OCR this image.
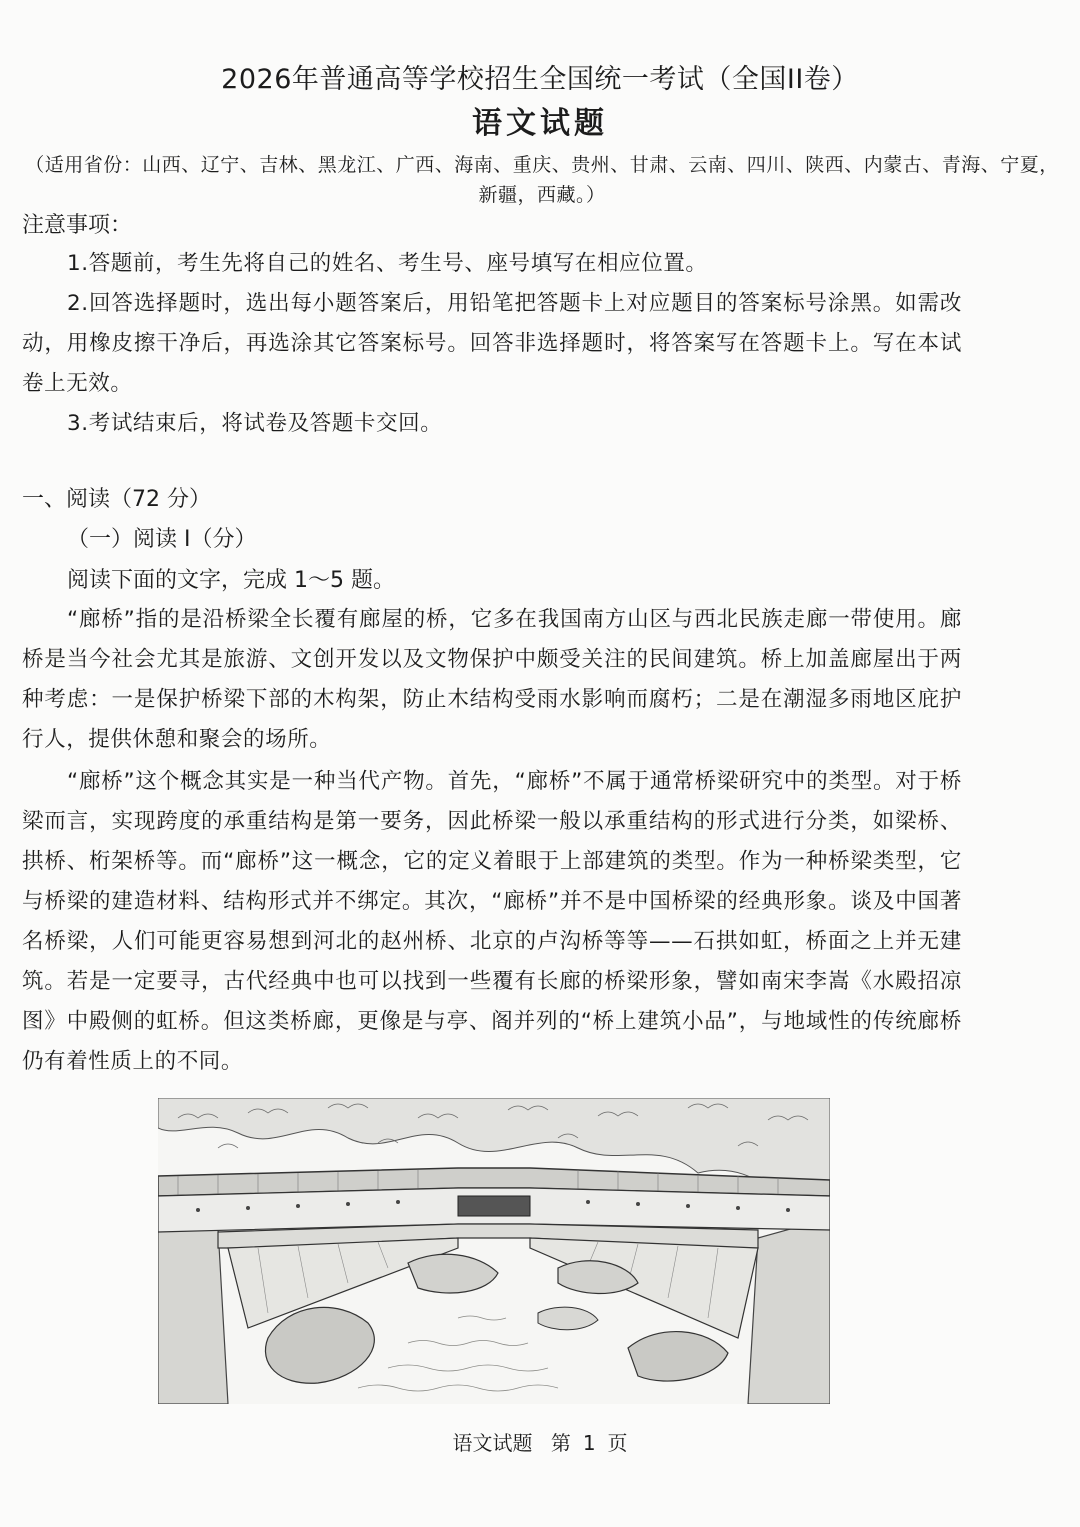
2026年普通高等学校招生全国统一考试（全国II卷）
语文试题
（适用省份：山西、辽宁、吉林、黑龙江、广西、海南、重庆、贵州、甘肃、云南、四川、陕西、内蒙古、青海、宁夏，新疆，西藏。）
注意事项：
1.答题前，考生先将自己的姓名、考生号、座号填写在相应位置。
2.回答选择题时，选出每小题答案后，用铅笔把答题卡上对应题目的答案标号涂黑。如需改动，用橡皮擦干净后，再选涂其它答案标号。回答非选择题时，将答案写在答题卡上。写在本试卷上无效。
3.考试结束后，将试卷及答题卡交回。
一、阅读（72 分）
（一）阅读 I（分）
阅读下面的文字，完成 1～5 题。
“廊桥”指的是沿桥梁全长覆有廊屋的桥，它多在我国南方山区与西北民族走廊一带使用。廊桥是当今社会尤其是旅游、文创开发以及文物保护中颇受关注的民间建筑。桥上加盖廊屋出于两种考虑：一是保护桥梁下部的木构架，防止木结构受雨水影响而腐朽；二是在潮湿多雨地区庇护行人，提供休憩和聚会的场所。
“廊桥”这个概念其实是一种当代产物。首先，“廊桥”不属于通常桥梁研究中的类型。对于桥梁而言，实现跨度的承重结构是第一要务，因此桥梁一般以承重结构的形式进行分类，如梁桥、拱桥、桁架桥等。而“廊桥”这一概念，它的定义着眼于上部建筑的类型。作为一种桥梁类型，它与桥梁的建造材料、结构形式并不绑定。其次，“廊桥”并不是中国桥梁的经典形象。谈及中国著名桥梁，人们可能更容易想到河北的赵州桥、北京的卢沟桥等等——石拱如虹，桥面之上并无建筑。若是一定要寻，古代经典中也可以找到一些覆有长廊的桥梁形象，譬如南宋李嵩《水殿招凉图》中殿侧的虹桥。但这类桥廊，更像是与亭、阁并列的“桥上建筑小品”，与地域性的传统廊桥仍有着性质上的不同。
语文试题 第 1 页
